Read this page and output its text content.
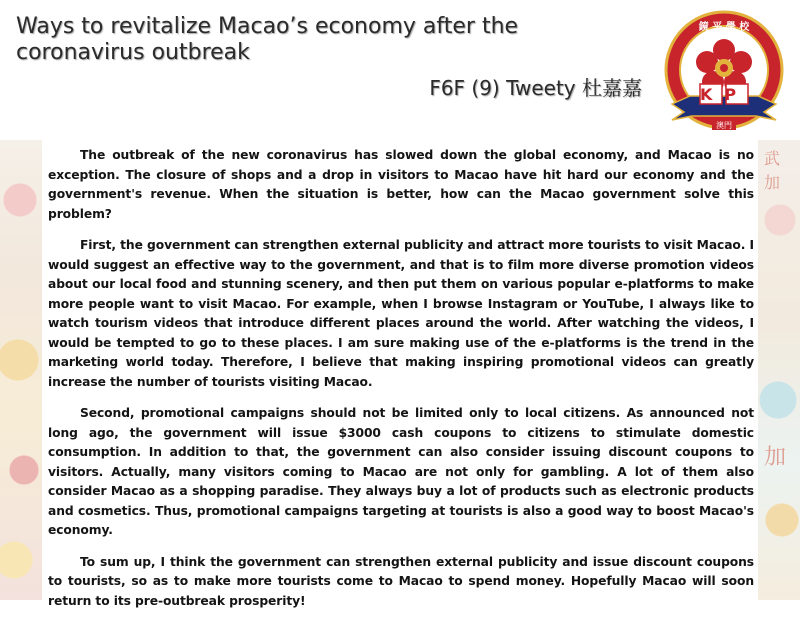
Ways to revitalize Macao’s economy after the coronavirus outbreak
F6F (9) Tweety 杜嘉嘉
鏡 平 學 校
KP
澳門
武
加
加

The outbreak of the new coronavirus has slowed down the global economy, and Macao is no exception. The closure of shops and a drop in visitors to Macao have hit hard our economy and the government's revenue. When the situation is better, how can the Macao government solve this problem?

First, the government can strengthen external publicity and attract more tourists to visit Macao. I would suggest an effective way to the government, and that is to film more diverse promotion videos about our local food and stunning scenery, and then put them on various popular e-platforms to make more people want to visit Macao. For example, when I browse Instagram or YouTube, I always like to watch tourism videos that introduce different places around the world. After watching the videos, I would be tempted to go to these places. I am sure making use of the e-platforms is the trend in the marketing world today. Therefore, I believe that making inspiring promotional videos can greatly increase the number of tourists visiting Macao.

Second, promotional campaigns should not be limited only to local citizens. As announced not long ago, the government will issue $3000 cash coupons to citizens to stimulate domestic consumption. In addition to that, the government can also consider issuing discount coupons to visitors. Actually, many visitors coming to Macao are not only for gambling. A lot of them also consider Macao as a shopping paradise. They always buy a lot of products such as electronic products and cosmetics. Thus, promotional campaigns targeting at tourists is also a good way to boost Macao's economy.

To sum up, I think the government can strengthen external publicity and issue discount coupons to tourists, so as to make more tourists come to Macao to spend money. Hopefully Macao will soon return to its pre-outbreak prosperity!
